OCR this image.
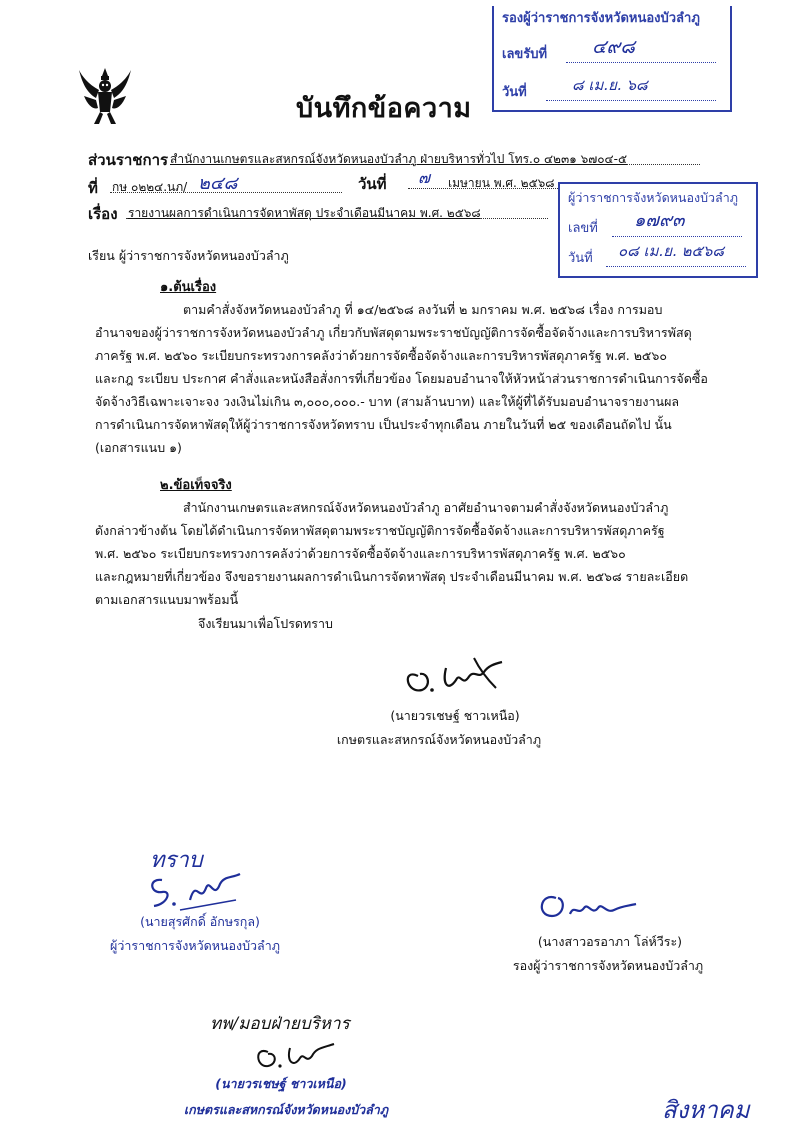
บันทึกข้อความ
รองผู้ว่าราชการจังหวัดหนองบัวลำภู
เลขรับที่ ๔๙๘
วันที่	๘ เม.ย. ๖๘
ส่วนราชการ สำนักงานเกษตรและสหกรณ์จังหวัดหนองบัวลำภู ฝ่ายบริหารทั่วไป โทร.๐ ๔๒๓๑ ๖๗๐๔-๕
ที่ กษ ๐๒๒๔.นภ/ ๒๔๘	วันที่ ๗ เมษายน พ.ศ. ๒๕๖๘
เรื่อง รายงานผลการดำเนินการจัดหาพัสดุ ประจำเดือนมีนาคม พ.ศ. ๒๕๖๘
ผู้ว่าราชการจังหวัดหนองบัวลำภู
เลขที่ ๑๗๙๓
วันที่ ๐๘ เม.ย. ๒๕๖๘
เรียน ผู้ว่าราชการจังหวัดหนองบัวลำภู
๑.ต้นเรื่อง
ตามคำสั่งจังหวัดหนองบัวลำภู ที่ ๑๔/๒๕๖๘ ลงวันที่ ๒ มกราคม พ.ศ. ๒๕๖๘ เรื่อง การมอบ
อำนาจของผู้ว่าราชการจังหวัดหนองบัวลำภู เกี่ยวกับพัสดุตามพระราชบัญญัติการจัดซื้อจัดจ้างและการบริหารพัสดุ
ภาครัฐ พ.ศ. ๒๕๖๐ ระเบียบกระทรวงการคลังว่าด้วยการจัดซื้อจัดจ้างและการบริหารพัสดุภาครัฐ พ.ศ. ๒๕๖๐
และกฎ ระเบียบ ประกาศ คำสั่งและหนังสือสั่งการที่เกี่ยวข้อง โดยมอบอำนาจให้หัวหน้าส่วนราชการดำเนินการจัดซื้อ
จัดจ้างวิธีเฉพาะเจาะจง วงเงินไม่เกิน ๓,๐๐๐,๐๐๐.- บาท (สามล้านบาท) และให้ผู้ที่ได้รับมอบอำนาจรายงานผล
การดำเนินการจัดหาพัสดุให้ผู้ว่าราชการจังหวัดทราบ เป็นประจำทุกเดือน ภายในวันที่ ๒๕ ของเดือนถัดไป นั้น
(เอกสารแนบ ๑)
๒.ข้อเท็จจริง
สำนักงานเกษตรและสหกรณ์จังหวัดหนองบัวลำภู อาศัยอำนาจตามคำสั่งจังหวัดหนองบัวลำภู
ดังกล่าวข้างต้น โดยได้ดำเนินการจัดหาพัสดุตามพระราชบัญญัติการจัดซื้อจัดจ้างและการบริหารพัสดุภาครัฐ
พ.ศ. ๒๕๖๐ ระเบียบกระทรวงการคลังว่าด้วยการจัดซื้อจัดจ้างและการบริหารพัสดุภาครัฐ พ.ศ. ๒๕๖๐
และกฎหมายที่เกี่ยวข้อง จึงขอรายงานผลการดำเนินการจัดหาพัสดุ ประจำเดือนมีนาคม พ.ศ. ๒๕๖๘ รายละเอียด
ตามเอกสารแนบมาพร้อมนี้
จึงเรียนมาเพื่อโปรดทราบ
(นายวรเชษฐ์ ชาวเหนือ)
เกษตรและสหกรณ์จังหวัดหนองบัวลำภู
ทราบ
(นายสุรศักดิ์ อักษรกุล)
ผู้ว่าราชการจังหวัดหนองบัวลำภู	(นางสาวอรอาภา โล่ห์วีระ)
รองผู้ว่าราชการจังหวัดหนองบัวลำภู
ทพ/มอบฝ่ายบริหาร
(นายวรเชษฐ์ ชาวเหนือ)
เกษตรและสหกรณ์จังหวัดหนองบัวลำภู	สิงหาคม
